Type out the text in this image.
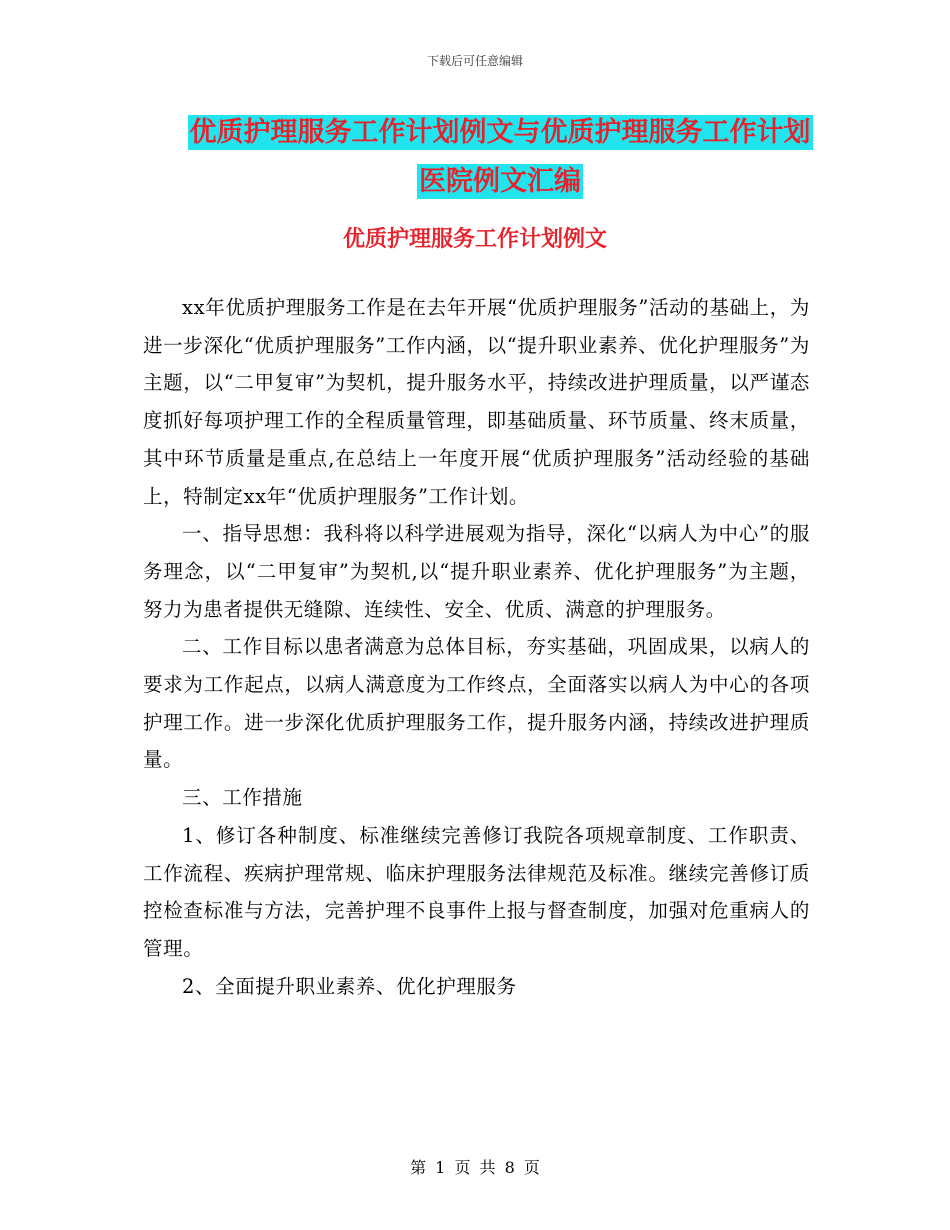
下载后可任意编辑
优质护理服务工作计划例文与优质护理服务工作计划
医院例文汇编
优质护理服务工作计划例文

xx年优质护理服务工作是在去年开展“优质护理服务”活动的基础上，为进一步深化“优质护理服务”工作内涵，以“提升职业素养、优化护理服务”为主题，以“二甲复审”为契机，提升服务水平，持续改进护理质量，以严谨态度抓好每项护理工作的全程质量管理，即基础质量、环节质量、终末质量，其中环节质量是重点,在总结上一年度开展“优质护理服务”活动经验的基础上，特制定xx年“优质护理服务”工作计划。

一、指导思想：我科将以科学进展观为指导，深化“以病人为中心”的服务理念，以“二甲复审”为契机,以“提升职业素养、优化护理服务”为主题，努力为患者提供无缝隙、连续性、安全、优质、满意的护理服务。

二、工作目标以患者满意为总体目标，夯实基础，巩固成果，以病人的要求为工作起点，以病人满意度为工作终点，全面落实以病人为中心的各项护理工作。进一步深化优质护理服务工作，提升服务内涵，持续改进护理质量。

三、工作措施

1、修订各种制度、标准继续完善修订我院各项规章制度、工作职责、工作流程、疾病护理常规、临床护理服务法律规范及标准。继续完善修订质控检查标准与方法，完善护理不良事件上报与督查制度，加强对危重病人的管理。

2、全面提升职业素养、优化护理服务

第 1 页 共 8 页
